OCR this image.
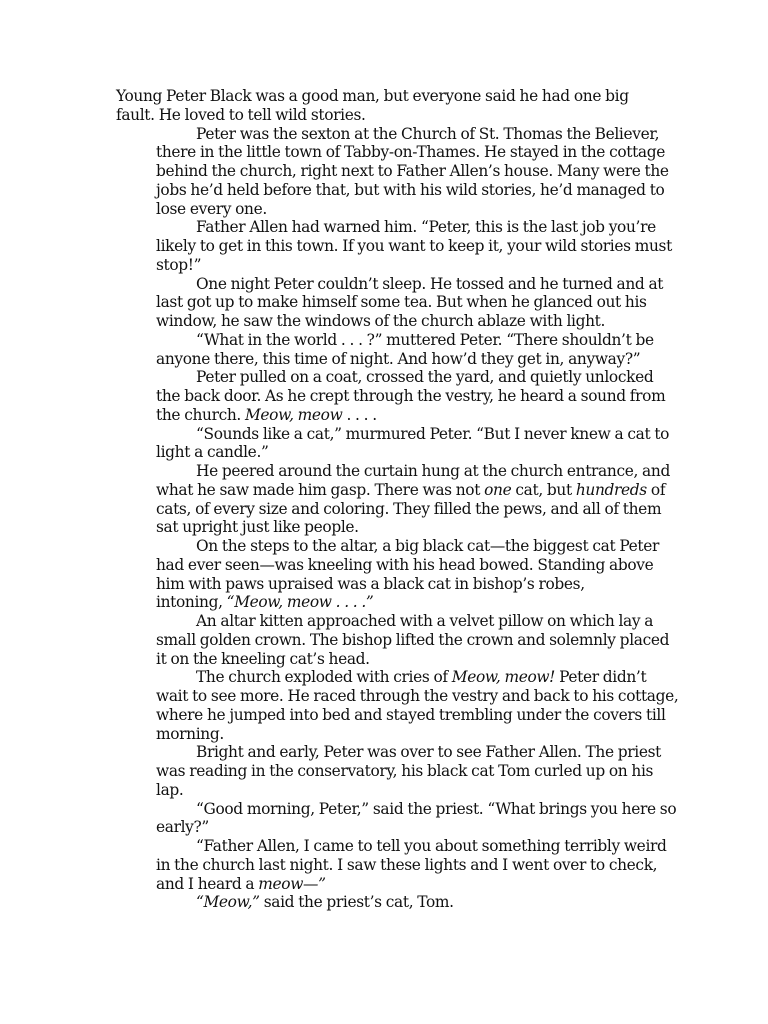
Young Peter Black was a good man, but everyone said he had one big
fault. He loved to tell wild stories.
Peter was the sexton at the Church of St. Thomas the Believer,
there in the little town of Tabby-on-Thames. He stayed in the cottage
behind the church, right next to Father Allen’s house. Many were the
jobs he’d held before that, but with his wild stories, he’d managed to
lose every one.
Father Allen had warned him. “Peter, this is the last job you’re
likely to get in this town. If you want to keep it, your wild stories must
stop!”
One night Peter couldn’t sleep. He tossed and he turned and at
last got up to make himself some tea. But when he glanced out his
window, he saw the windows of the church ablaze with light.
“What in the world . . . ?” muttered Peter. “There shouldn’t be
anyone there, this time of night. And how’d they get in, anyway?”
Peter pulled on a coat, crossed the yard, and quietly unlocked
the back door. As he crept through the vestry, he heard a sound from
the church. Meow, meow . . . .
“Sounds like a cat,” murmured Peter. “But I never knew a cat to
light a candle.”
He peered around the curtain hung at the church entrance, and
what he saw made him gasp. There was not one cat, but hundreds of
cats, of every size and coloring. They filled the pews, and all of them
sat upright just like people.
On the steps to the altar, a big black cat—the biggest cat Peter
had ever seen—was kneeling with his head bowed. Standing above
him with paws upraised was a black cat in bishop’s robes,
intoning, “Meow, meow . . . .”
An altar kitten approached with a velvet pillow on which lay a
small golden crown. The bishop lifted the crown and solemnly placed
it on the kneeling cat’s head.
The church exploded with cries of Meow, meow! Peter didn’t
wait to see more. He raced through the vestry and back to his cottage,
where he jumped into bed and stayed trembling under the covers till
morning.
Bright and early, Peter was over to see Father Allen. The priest
was reading in the conservatory, his black cat Tom curled up on his
lap.
“Good morning, Peter,” said the priest. “What brings you here so
early?”
“Father Allen, I came to tell you about something terribly weird
in the church last night. I saw these lights and I went over to check,
and I heard a meow—”
“Meow,” said the priest’s cat, Tom.
